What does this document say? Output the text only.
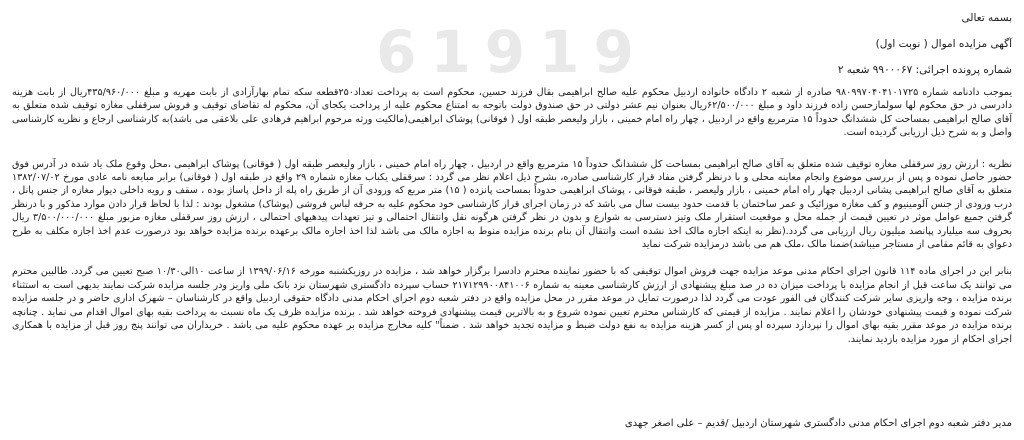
61919	بسمه تعالی

آگهی مزایده اموال ( نوبت اول)

شماره پرونده اجرائی: ۹۹۰۰۰۶۷ شعبه ۲

یموجب دادنامه شماره ۹۸۰۹۹۷۰۴۰۴۱۰۱۷۲۵ صادره از شعبه ۲ دادگاه خانواده اردبیل محکوم علیه صالح ابراهیمی بقال فرزند حسین، محکوم است به پرداخت تعداد۲۵۰قطعه سکه تمام بهارآزادی از بابت مهریه و مبلغ ۴۳۵/۹۶۰/۰۰۰ریال از بابت هزینه دادرسی در حق محکوم لها سولمازحسن زاده فرزند داود و مبلغ ۶۲/۵۰۰/۰۰۰ریال بعنوان نیم عشر دولتی در حق صندوق دولت باتوجه به امتناع محکوم علیه از پرداخت یکجای آن، محکوم له تقاضای توقیف و فروش سرقفلی مغازه توقیف شده متعلق به آقای صالح ابراهیمی بمساحت کل ششدانگ حدوداً ۱۵ مترمربع واقع در اردبیل ، چهار راه امام خمینی ، بازار ولیعصر طبقه اول ( فوقانی) پوشاک ابراهیمی(مالکیت ورثه مرحوم ابراهیم فرهادی علی بلاعقی می باشد)به کارشناسی ارجاع و نظریه کارشناسی واصل و به شرح ذیل ارزیابی گردیده است.

نظریه : ارزش روز سرقفلی مغازه توقیف شده متعلق به آقای صالح ابراهیمی بمساحت کل ششدانگ حدوداً ۱۵ مترمربع واقع در اردبیل ، چهار راه امام خمینی ، بازار ولیعصر طبقه اول ( فوقانی) پوشاک ابراهیمی ،محل وقوع ملک یاد شده در آدرس فوق حضور حاصل نموده و پس از بررسی موضوع وانجام معاینه محلی و با درنظر گرفتن مفاد قرار کارشناسی صادره، بشرح ذیل اعلام نظر می گردد : سرقفلی یکباب مغازه شماره ۲۹ واقع در طبقه اول ( فوقانی) برابر مبایعه نامه عادی مورخ ۱۳۸۲/۰۷/۰۲ متعلق به آقای صالح ابراهیمی پشانی اردبیل چهار راه امام خمینی ، بازار ولیعصر ، طبقه فوقانی ، پوشاک ابراهیمی حدوداً بمساحت پانزده ( ۱۵) متر مربع که ورودی آن از طریق راه پله از داخل پاساژ بوده ، سقف و رویه داخلی دیوار مغازه از جنس پانل ، درب ورودی از جنس آلومینیوم و کف مغازه موزائیک و عمر ساختمان با قدمت حدود بیست سال می باشد که در زمان اجرای قرار کارشناسی خود محکوم علیه به حرفه لباس فروشی (پوشاک) مشغول بودند : لذا با لحاظ قرار دادن موارد مذکور و با درنظر گرفتن جمیع عوامل موثر در تعیین قیمت از جمله محل و موقعیت استقرار ملک وتیز دسترسی به شوارع و بدون در نظر گرفتن هرگونه نقل وانتقال احتمالی و تیز تعهدات پیدهیهای احتمالی ، ارزش روز سرقفلی مغازه مزبور مبلغ ۳/۵۰۰/۰۰۰/۰۰۰ ریال بحروف سه میلیارد پپانصد میلیون ریال ارزیابی می گردد.(نظر به اینکه اجازه مالک اخذ نشده است وانتقال آن بنام برنده مزایده منوط به اجازه مالک می باشد لذا اخذ اجازه مالک برعهده برنده مزایده خواهد بود درصورت عدم اخذ اجازه مکلف به طرح دعوای به قائم مقامی از مستاجر میباشد)ضمنا مالک ،ملک هم می باشد درمزایده شرکت نماید

بنابر این در اجرای ماده ۱۱۴ قانون اجرای احکام مدنی موعد مزایده جهت فروش اموال توقیفی که با حضور نماینده محترم دادسرا برگزار خواهد شد ، مزایده در روزیکشنبه مورخه ۱۳۹۹/۰۶/۱۶ از ساعت ۱۰الی۱۰/۳۰ صبح تعیین می گردد. طالبین محترم می توانند یک ساعت قبل از انجام مزایده با پرداخت میزان ده در صد مبلغ پیشنهادی از ارزش کارشناسی معینه به شماره ۲۱۷۱۲۹۹۰۰۸۴۱۰۰۶ حساب سپرده دادگستری شهرستان نزد بانک ملی واریز ودر جلسه مزایده شرکت نمایند بدیهی است به استثناء برنده مزایده ، وجه واریزی سایر شرکت کنندگان فی الفور عودت می گردد لذا درصورت تمایل در موعد مقرر در محل مزایده واقع در دفتر شعبه دوم اجرای احکام مدنی دادگاه حقوقی اردبیل واقع در کارشناسان – شهرک اداری حاضر و در جلسه مزایده شرکت نموده و قیمت پیشنهادی خودشان را اعلام نمایند . مزایده از قیمتی که کارشناس محترم تعیین نموده شروع و به بالاترین قیمت پیشنهادی فروخته خواهد شد . برنده مزایده ظرف یک ماه نسبت به پرداخت بقیه بهای اموال اقدام می نماید . چنانچه برنده مزایده در موعد مقرر بقیه بهای اموال را نپردازد سپرده او پس از کسر هزینه مزایده به نفع دولت ضبط و مزایده تجدید خواهد شد . ضمناً" کلیه مخارج مزایده بر عهده محکوم علیه می باشد . خریداران می توانند پنج روز قبل از مزایده با همکاری اجرای احکام از مورد مزایده بازدید نمایند.

مدیر دفتر شعبه دوم اجرای احکام مدنی دادگستری شهرستان اردبیل /قدیم – علی اصغر جهدی
